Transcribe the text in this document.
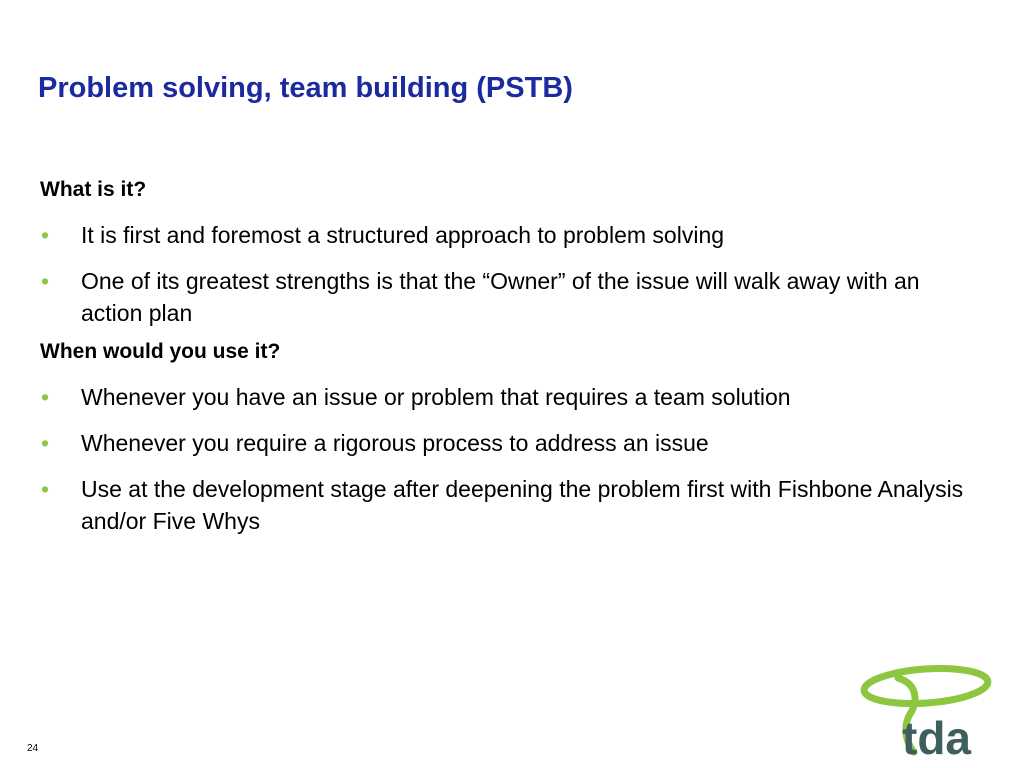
Problem solving, team building (PSTB)

What is it?

• It is first and foremost a structured approach to problem solving
• One of its greatest strengths is that the “Owner” of the issue will walk away with an action plan

When would you use it?

• Whenever you have an issue or problem that requires a team solution
• Whenever you require a rigorous process to address an issue
• Use at the development stage after deepening the problem first with Fishbone Analysis and/or Five Whys
24	tda
